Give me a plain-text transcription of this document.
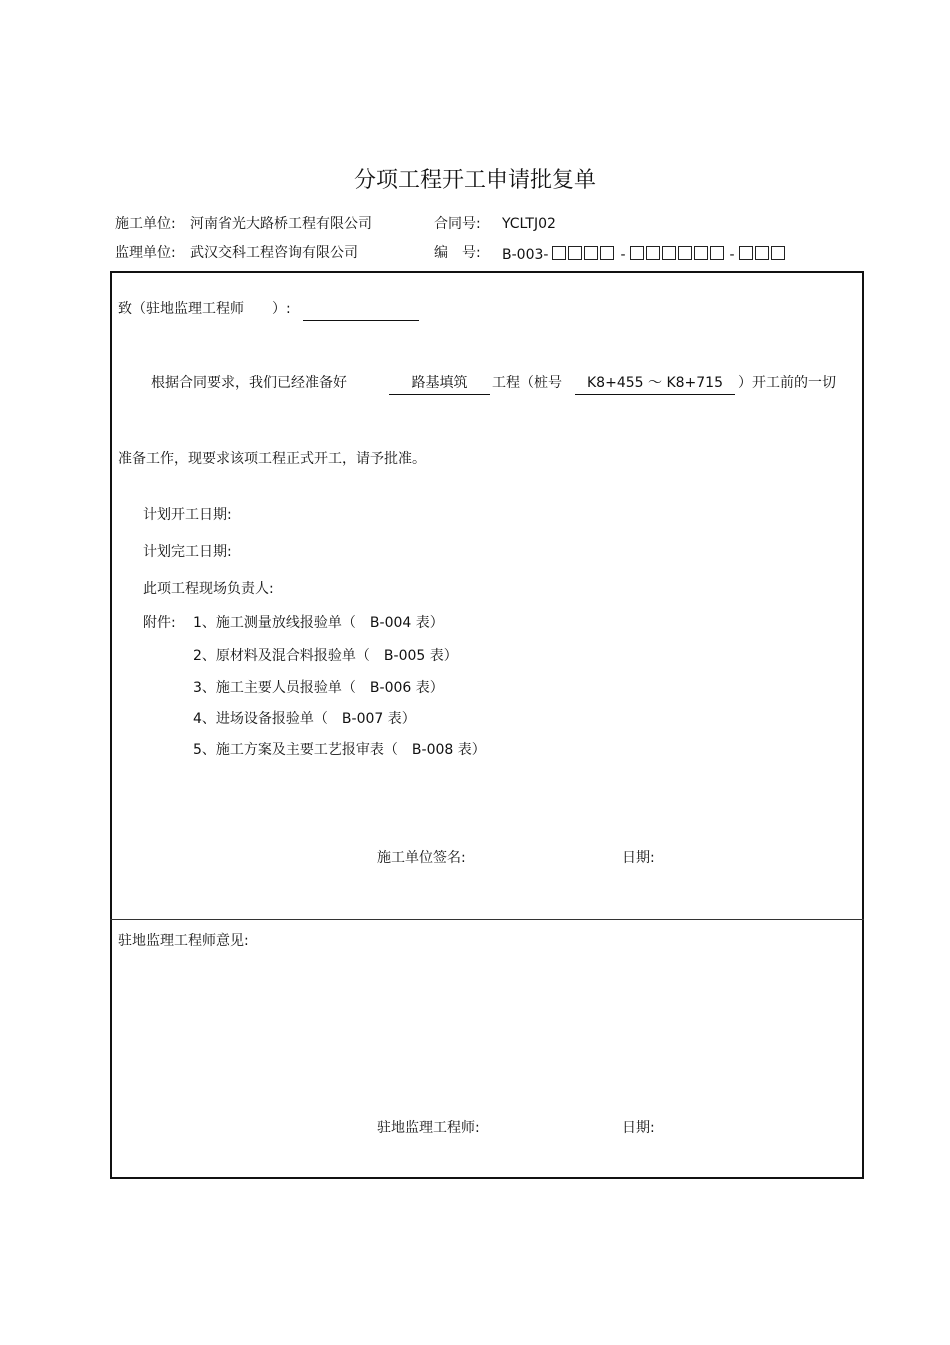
分项工程开工申请批复单
施工单位: 河南省光大路桥工程有限公司	合同号: YCLTJ02
监理单位: 武汉交科工程咨询有限公司	编　号: B-003-	-	-
致（驻地监理工程师　　）:
根据合同要求，我们已经准备好	路基填筑	工程（桩号	K8+455 ～ K8+715	）开工前的一切
准备工作，现要求该项工程正式开工，请予批准。
计划开工日期:
计划完工日期:
此项工程现场负责人:
附件: 1、施工测量放线报验单（　B-004 表）
2、原材料及混合料报验单（　B-005 表）
3、施工主要人员报验单（　B-006 表）
4、进场设备报验单（　B-007 表）
5、施工方案及主要工艺报审表（　B-008 表）
施工单位签名:	日期:
驻地监理工程师意见:
驻地监理工程师:	日期:
